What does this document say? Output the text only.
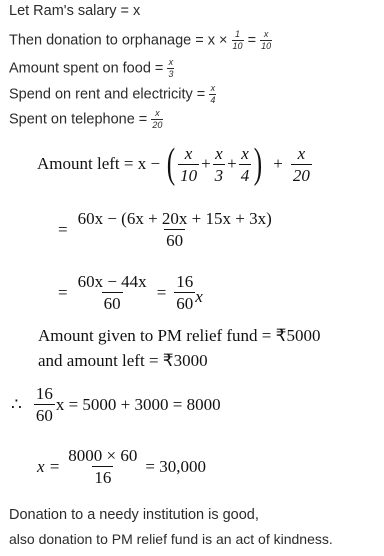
Let Ram's salary = x
Then donation to orphanage = $x \times \frac{1}{10} = \frac{x}{10}$
Amount spent on food = $\frac{x}{3}$
Spend on rent and electricity = $\frac{x}{4}$
Spent on telephone = $\frac{x}{20}$
Amount left = x − ( $\frac{x}{10} + \frac{x}{3} + \frac{x}{4}$ ) + $\frac{x}{20}$
= $\frac{60x - (6x + 20x + 15x + 3x)}{60}$
= $\frac{60x - 44x}{60} = \frac{16}{60}$ x
Amount given to PM relief fund = ₹5000
and amount left = ₹3000
∴ $\frac{16}{60}$ x = 5000 + 3000 = 8000
$x = \frac{8000 \times 60}{16} = 30,000$
Donation to a needy institution is good,
also donation to PM relief fund is an act of kindness.
